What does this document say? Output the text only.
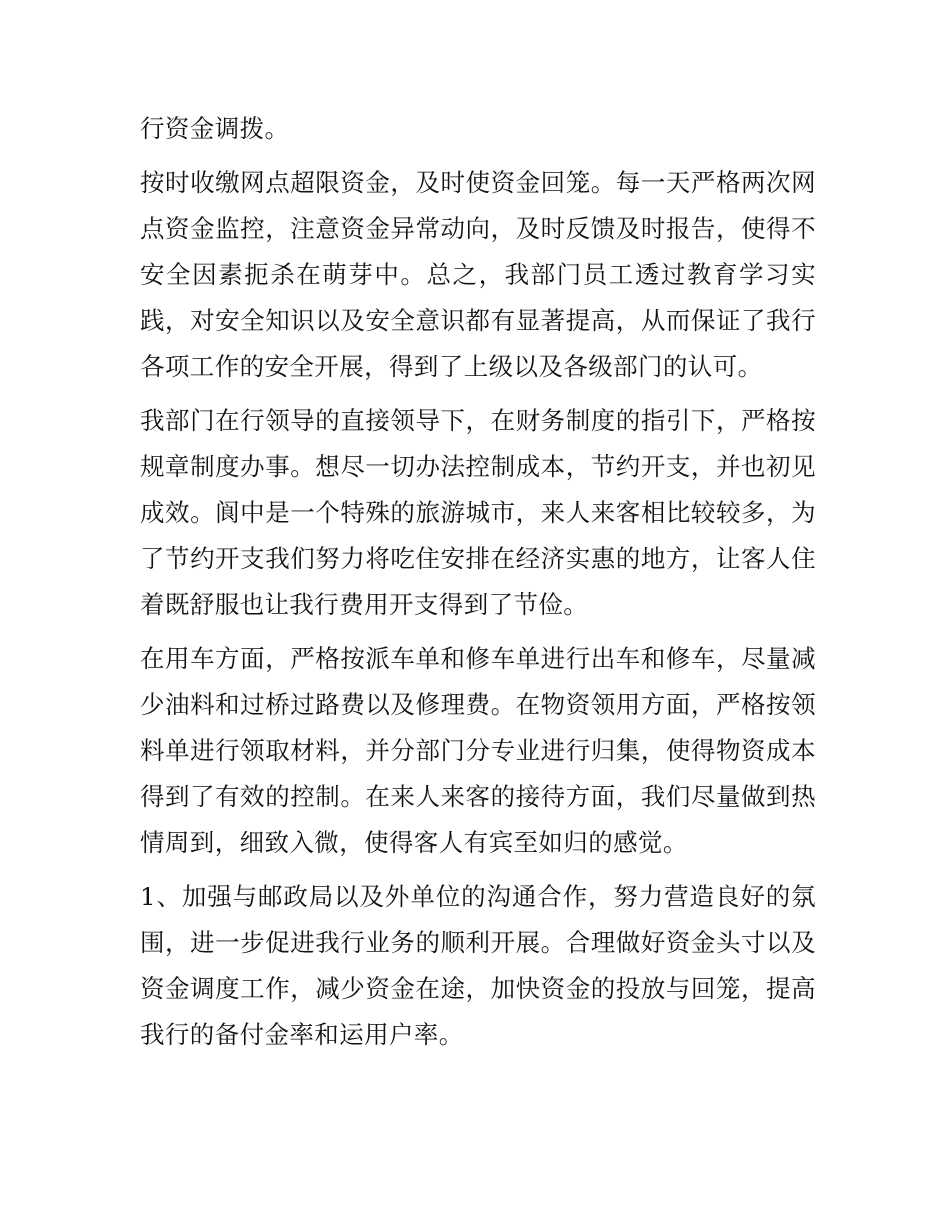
行资金调拨。
按时收缴网点超限资金，及时使资金回笼。每一天严格两次网
点资金监控，注意资金异常动向，及时反馈及时报告，使得不
安全因素扼杀在萌芽中。总之，我部门员工透过教育学习实
践，对安全知识以及安全意识都有显著提高，从而保证了我行
各项工作的安全开展，得到了上级以及各级部门的认可。
我部门在行领导的直接领导下，在财务制度的指引下，严格按
规章制度办事。想尽一切办法控制成本，节约开支，并也初见
成效。阆中是一个特殊的旅游城市，来人来客相比较较多，为
了节约开支我们努力将吃住安排在经济实惠的地方，让客人住
着既舒服也让我行费用开支得到了节俭。
在用车方面，严格按派车单和修车单进行出车和修车，尽量减
少油料和过桥过路费以及修理费。在物资领用方面，严格按领
料单进行领取材料，并分部门分专业进行归集，使得物资成本
得到了有效的控制。在来人来客的接待方面，我们尽量做到热
情周到，细致入微，使得客人有宾至如归的感觉。
1、加强与邮政局以及外单位的沟通合作，努力营造良好的氛
围，进一步促进我行业务的顺利开展。合理做好资金头寸以及
资金调度工作，减少资金在途，加快资金的投放与回笼，提高
我行的备付金率和运用户率。
